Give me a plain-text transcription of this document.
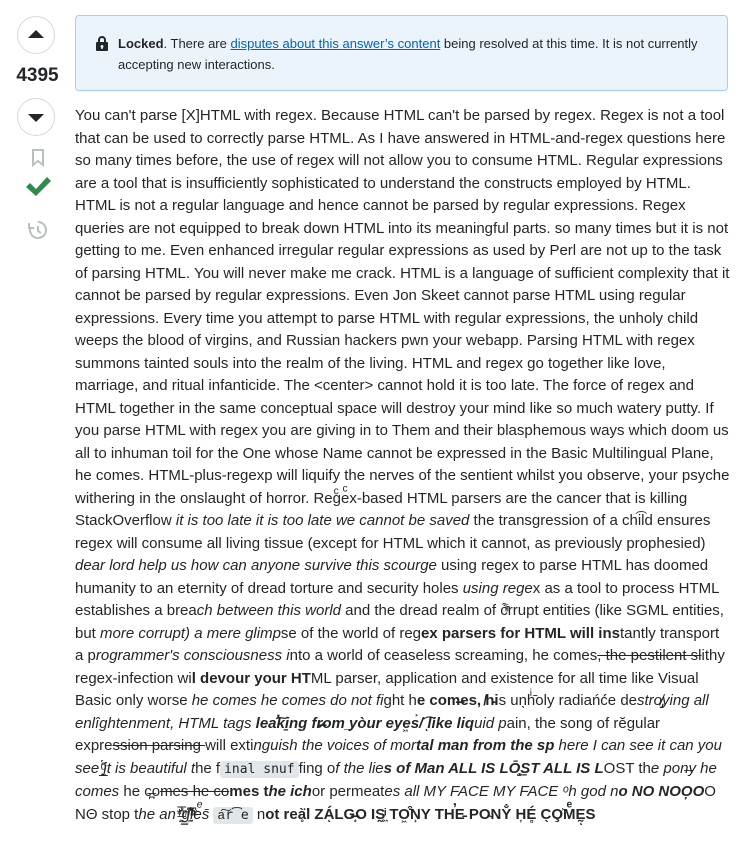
4395
Locked. There are disputes about this answer’s content being resolved at this time. It is not currently accepting new interactions.

You can't parse [X]HTML with regex. Because HTML can't be parsed by regex. Regex is not a tool that can be used to correctly parse HTML. As I have answered in HTML-and-regex questions here so many times before, the use of regex will not allow you to consume HTML. Regular expressions are a tool that is insufficiently sophisticated to understand the constructs employed by HTML. HTML is not a regular language and hence cannot be parsed by regular expressions. Regex queries are not equipped to break down HTML into its meaningful parts. so many times but it is not getting to me. Even enhanced irregular regular expressions as used by Perl are not up to the task of parsing HTML. You will never make me crack. HTML is a language of sufficient complexity that it cannot be parsed by regular expressions. Even Jon Skeet cannot parse HTML using regular expressions. Every time you attempt to parse HTML with regular expressions, the unholy child weeps the blood of virgins, and Russian hackers pwn your webapp. Parsing HTML with regex summons tainted souls into the realm of the living. HTML and regex go together like love, marriage, and ritual infanticide. The <center> cannot hold it is too late. The force of regex and HTML together in the same conceptual space will destroy your mind like so much watery putty. If you parse HTML with regex you are giving in to Them and their blasphemous ways which doom us all to inhuman toil for the One whose Name cannot be expressed in the Basic Multilingual Plane, he comes. HTML-plus-regexp will liquify the nerves of the sentient whilst you observe, your psyche withering in the onslaught of horror. Regͨeͨx-based HTML parsers are the cancer that is killing StackOverflow it is too late it is too late we cannot be saved the transgression of a chi͡ld ensures regex will consume all living tissue (except for HTML which it cannot, as previously prophesied) dear lord help us how can anyone survive this scourge using regex to parse HTML has doomed humanity to an eternity of dread torture and security holes using regex as a tool to process HTML establishes a breach between this world and the dread realm of c͒ͪͥrrupt entities (like SGML entities, but more corrupt) a mere glimpse of the world of regex parsers for HTML will instantly transport a programmer's consciousness into a world of ceaseless screaming, he comes, the pestilent slithy regex-infection wil devour your HTML parser, application and existence for all time like Visual Basic only worse he comes he comes do not fight he com̵̶es, ̸h̵is un̖hͥ̄oly radiańć́e destro̸̡ying all enlîghtenment, HTML tags lea̕͠ki̱ng fr̶̷om ̲yòur eye͖s͐/͡ ͅlike liquid pain, the song of rĕgular expression parsing will extinguish the voices of mortal man from the sp here I can see it can you see it is beautiful the f inal snuf fing of the lies of Man ALL IS LŌ̧͚̩S̱T ALL IS LOST the pon̶y he comes he c̶̪omes he comes the ichor permeates all MY FACE MY FACE ᵒh god no NO NOO̦OO NΘ stop the an*̶͑̾̾̅ͫ͏̙̤g͇̫͛͆̾ͫ̑͆l͍ͯ͆eͤs̄ a͠r͡e not reḁ̀̈l ZÁͅLG̶͙O IS̰͖ͥ TO͖͒N̹Y TH̕E̵ P͏O̴NY̐ H͎͘É̻ C̖O̧͐MͤḚͅS
